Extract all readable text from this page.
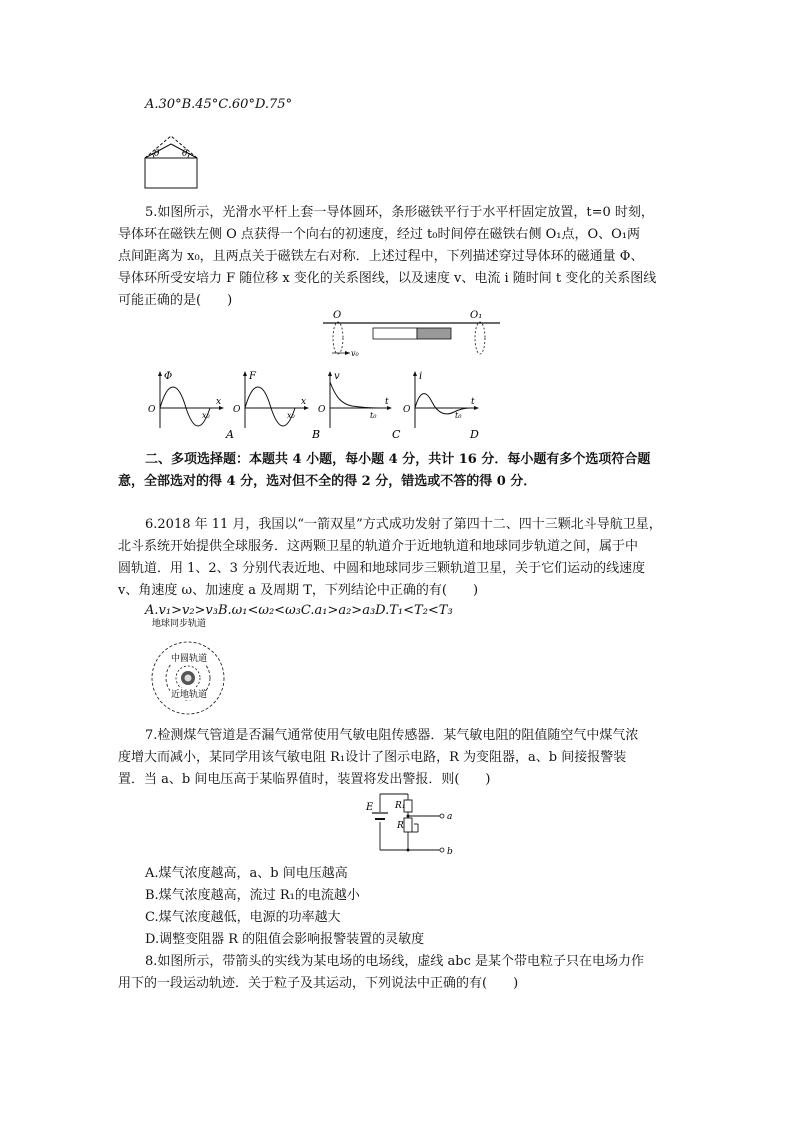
A.30°B.45°C.60°D.75°
θ	θ
5.如图所示，光滑水平杆上套一导体圆环，条形磁铁平行于水平杆固定放置，t=0 时刻，
导体环在磁铁左侧 O 点获得一个向右的初速度，经过 t₀时间停在磁铁右侧 O₁点，O、O₁两
点间距离为 x₀，且两点关于磁铁左右对称．上述过程中，下列描述穿过导体环的磁通量 Φ、
导体环所受安培力 F 随位移 x 变化的关系图线，以及速度 v、电流 i 随时间 t 变化的关系图线
可能正确的是(　　)
O	O₁
v₀
Φ
x
O
x₀
A
F
x
O
x₀
B
v
t
O
t₀
C
i
t
O
t₀
D
二、多项选择题：本题共 4 小题，每小题 4 分，共计 16 分．每小题有多个选项符合题
意，全部选对的得 4 分，选对但不全的得 2 分，错选或不答的得 0 分．
6.2018 年 11 月，我国以“一箭双星”方式成功发射了第四十二、四十三颗北斗导航卫星，
北斗系统开始提供全球服务．这两颗卫星的轨道介于近地轨道和地球同步轨道之间，属于中
圆轨道．用 1、2、3 分别代表近地、中圆和地球同步三颗轨道卫星，关于它们运动的线速度
v、角速度 ω、加速度 a 及周期 T，下列结论中正确的有(　　)
A.v₁>v₂>v₃B.ω₁<ω₂<ω₃C.a₁>a₂>a₃D.T₁<T₂<T₃
地球同步轨道
中圆轨道
近地轨道
7.检测煤气管道是否漏气通常使用气敏电阻传感器．某气敏电阻的阻值随空气中煤气浓
度增大而减小，某同学用该气敏电阻 R₁设计了图示电路，R 为变阻器，a、b 间接报警装
置．当 a、b 间电压高于某临界值时，装置将发出警报．则(　　)
E R₁
R
a
b
A.煤气浓度越高，a、b 间电压越高
B.煤气浓度越高，流过 R₁的电流越小
C.煤气浓度越低，电源的功率越大
D.调整变阻器 R 的阻值会影响报警装置的灵敏度
8.如图所示，带箭头的实线为某电场的电场线，虚线 abc 是某个带电粒子只在电场力作
用下的一段运动轨迹．关于粒子及其运动，下列说法中正确的有(　　)
